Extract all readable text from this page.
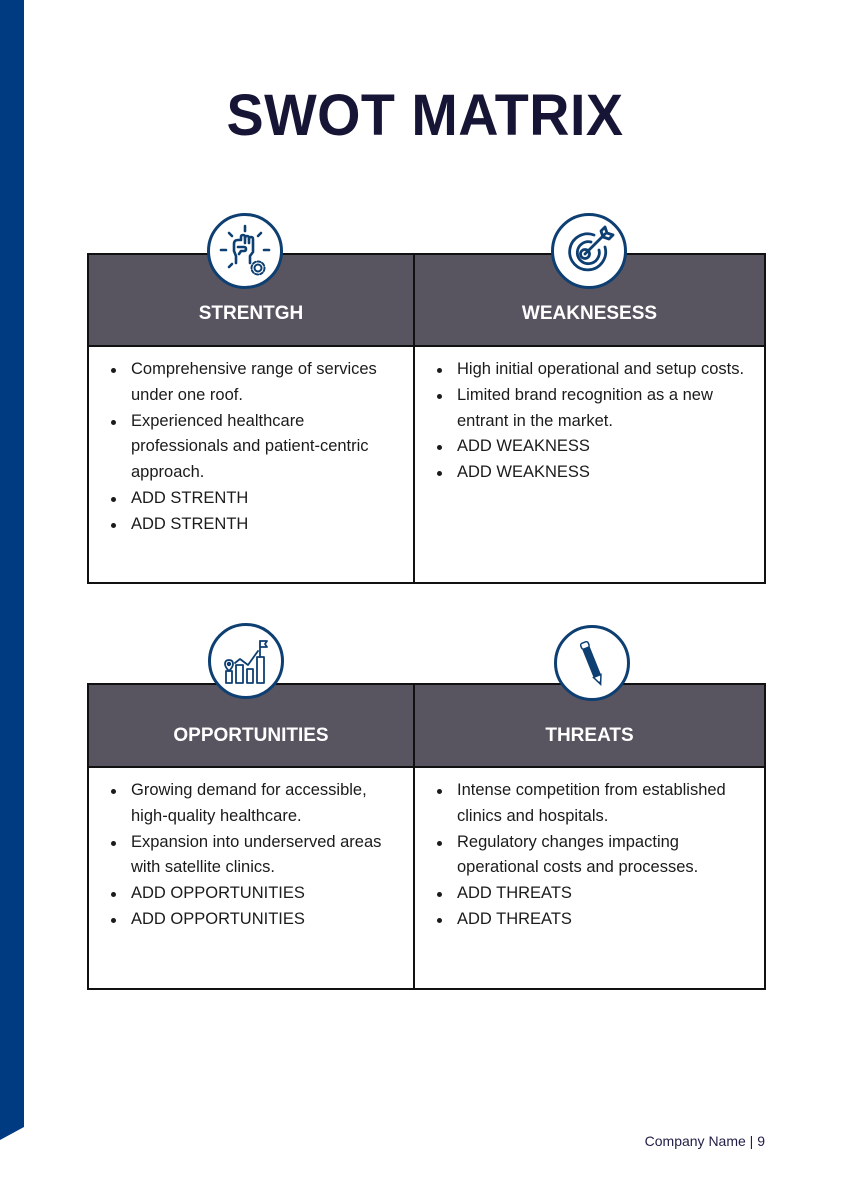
SWOT MATRIX
STRENTGH	WEAKNESESS
Comprehensive range of services under one roof.
Experienced healthcare professionals and patient-centric approach.
ADD STRENTH
ADD STRENTH
High initial operational and setup costs.
Limited brand recognition as a new entrant in the market.
ADD WEAKNESS
ADD WEAKNESS
OPPORTUNITIES	THREATS
Growing demand for accessible, high-quality healthcare.
Expansion into underserved areas with satellite clinics.
ADD OPPORTUNITIES
ADD OPPORTUNITIES
Intense competition from established clinics and hospitals.
Regulatory changes impacting operational costs and processes.
ADD THREATS
ADD THREATS
Company Name | 9
